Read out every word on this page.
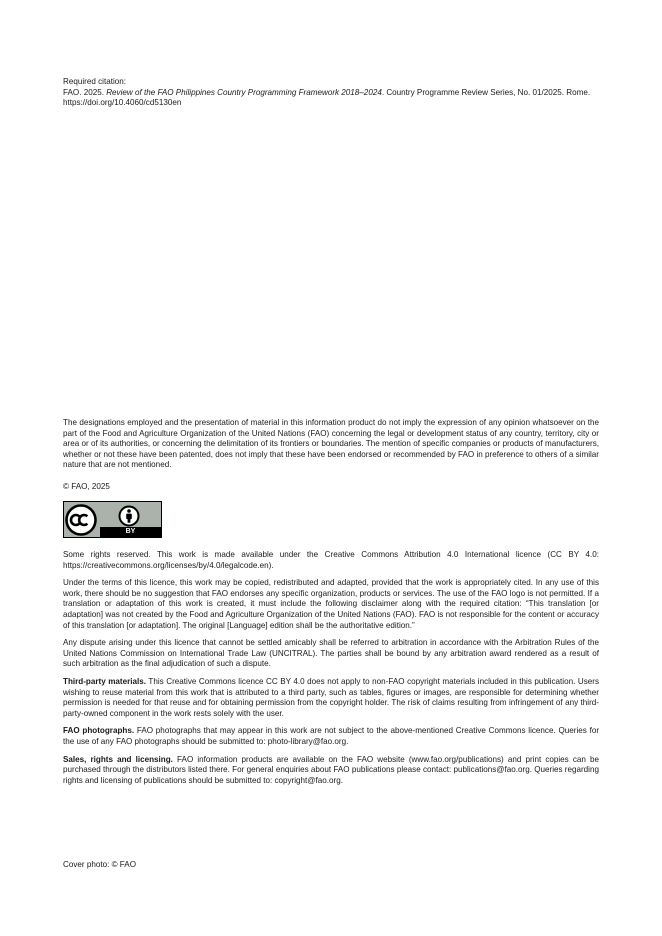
Required citation:

FAO. 2025. Review of the FAO Philippines Country Programming Framework 2018–2024. Country Programme Review Series, No. 01/2025. Rome.

https://doi.org/10.4060/cd5130en

The designations employed and the presentation of material in this information product do not imply the expression of any opinion whatsoever on the part of the Food and Agriculture Organization of the United Nations (FAO) concerning the legal or development status of any country, territory, city or area or of its authorities, or concerning the delimitation of its frontiers or boundaries. The mention of specific companies or products of manufacturers, whether or not these have been patented, does not imply that these have been endorsed or recommended by FAO in preference to others of a similar nature that are not mentioned.

© FAO, 2025

BY

Some rights reserved. This work is made available under the Creative Commons Attribution 4.0 International licence (CC BY 4.0: https://creativecommons.org/licenses/by/4.0/legalcode.en).

Under the terms of this licence, this work may be copied, redistributed and adapted, provided that the work is appropriately cited. In any use of this work, there should be no suggestion that FAO endorses any specific organization, products or services. The use of the FAO logo is not permitted. If a translation or adaptation of this work is created, it must include the following disclaimer along with the required citation: “This translation [or adaptation] was not created by the Food and Agriculture Organization of the United Nations (FAO). FAO is not responsible for the content or accuracy of this translation [or adaptation]. The original [Language] edition shall be the authoritative edition.”

Any dispute arising under this licence that cannot be settled amicably shall be referred to arbitration in accordance with the Arbitration Rules of the United Nations Commission on International Trade Law (UNCITRAL). The parties shall be bound by any arbitration award rendered as a result of such arbitration as the final adjudication of such a dispute.

Third-party materials. This Creative Commons licence CC BY 4.0 does not apply to non-FAO copyright materials included in this publication. Users wishing to reuse material from this work that is attributed to a third party, such as tables, figures or images, are responsible for determining whether permission is needed for that reuse and for obtaining permission from the copyright holder. The risk of claims resulting from infringement of any third-party-owned component in the work rests solely with the user.

FAO photographs. FAO photographs that may appear in this work are not subject to the above-mentioned Creative Commons licence. Queries for the use of any FAO photographs should be submitted to: photo-library@fao.org.

Sales, rights and licensing. FAO information products are available on the FAO website (www.fao.org/publications) and print copies can be purchased through the distributors listed there. For general enquiries about FAO publications please contact: publications@fao.org. Queries regarding rights and licensing of publications should be submitted to: copyright@fao.org.

Cover photo: © FAO
